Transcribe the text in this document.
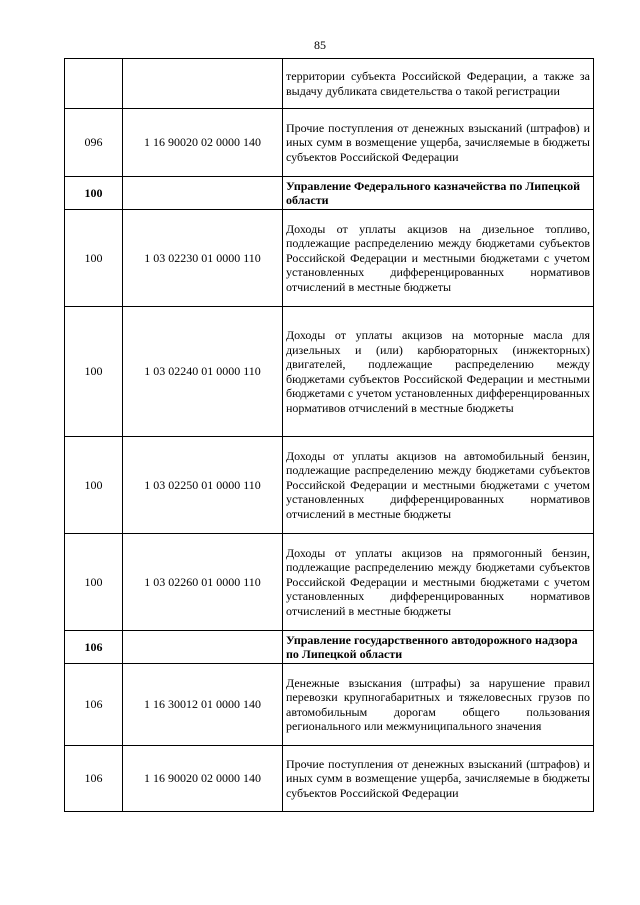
85
		территории субъекта Российской Федерации, а также за выдачу дубликата свидетельства о такой регистрации
096	1 16 90020 02 0000 140	Прочие поступления от денежных взысканий (штрафов) и иных сумм в возмещение ущерба, зачисляемые в бюджеты субъектов Российской Федерации
100		Управление Федерального казначейства по Липецкой области
100	1 03 02230 01 0000 110	Доходы от уплаты акцизов на дизельное топливо, подлежащие распределению между бюджетами субъектов Российской Федерации и местными бюджетами с учетом установленных дифференцированных нормативов отчислений в местные бюджеты
100	1 03 02240 01 0000 110	Доходы от уплаты акцизов на моторные масла для дизельных и (или) карбюраторных (инжекторных) двигателей, подлежащие распределению между бюджетами субъектов Российской Федерации и местными бюджетами с учетом установленных дифференцированных нормативов отчислений в местные бюджеты
100	1 03 02250 01 0000 110	Доходы от уплаты акцизов на автомобильный бензин, подлежащие распределению между бюджетами субъектов Российской Федерации и местными бюджетами с учетом установленных дифференцированных нормативов отчислений в местные бюджеты
100	1 03 02260 01 0000 110	Доходы от уплаты акцизов на прямогонный бензин, подлежащие распределению между бюджетами субъектов Российской Федерации и местными бюджетами с учетом установленных дифференцированных нормативов отчислений в местные бюджеты
106		Управление государственного автодорожного надзора по Липецкой области
106	1 16 30012 01 0000 140	Денежные взыскания (штрафы) за нарушение правил перевозки крупногабаритных и тяжеловесных грузов по автомобильным дорогам общего пользования регионального или межмуниципального значения
106	1 16 90020 02 0000 140	Прочие поступления от денежных взысканий (штрафов) и иных сумм в возмещение ущерба, зачисляемые в бюджеты субъектов Российской Федерации
